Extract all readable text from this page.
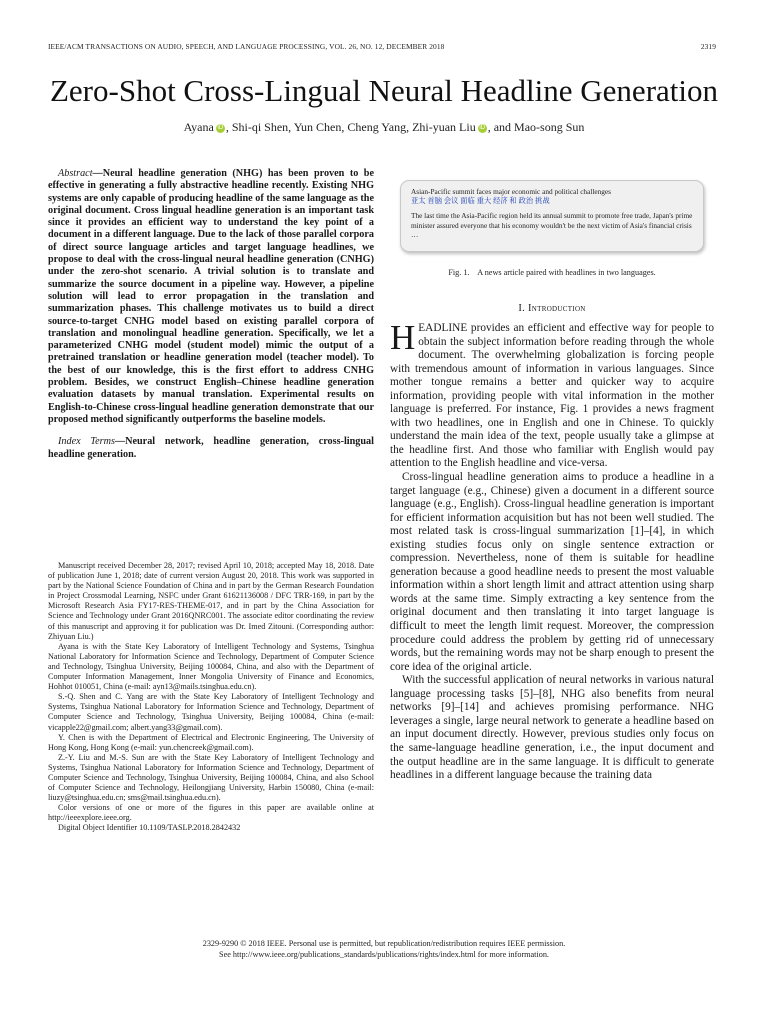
IEEE/ACM TRANSACTIONS ON AUDIO, SPEECH, AND LANGUAGE PROCESSING, VOL. 26, NO. 12, DECEMBER 2018	2319
Zero-Shot Cross-Lingual Neural Headline Generation
Ayana iD , Shi-qi Shen, Yun Chen, Cheng Yang, Zhi-yuan Liu iD , and Mao-song Sun

Abstract—Neural headline generation (NHG) has been proven to be effective in generating a fully abstractive headline recently. Existing NHG systems are only capable of producing headline of the same language as the original document. Cross lingual headline generation is an important task since it provides an efficient way to understand the key point of a document in a different language. Due to the lack of those parallel corpora of direct source language articles and target language headlines, we propose to deal with the cross-lingual neural headline generation (CNHG) under the zero-shot scenario. A trivial solution is to translate and summarize the source document in a pipeline way. However, a pipeline solution will lead to error propagation in the translation and summarization phases. This challenge motivates us to build a direct source-to-target CNHG model based on existing parallel corpora of translation and monolingual headline generation. Specifically, we let a parameterized CNHG model (student model) mimic the output of a pretrained translation or headline generation model (teacher model). To the best of our knowledge, this is the first effort to address CNHG problem. Besides, we construct English–Chinese headline generation evaluation datasets by manual translation. Experimental results on English-to-Chinese cross-lingual headline generation demonstrate that our proposed method significantly outperforms the baseline models.

Index Terms—Neural network, headline generation, cross-lingual headline generation.

Manuscript received December 28, 2017; revised April 10, 2018; accepted May 18, 2018. Date of publication June 1, 2018; date of current version August 20, 2018. This work was supported in part by the National Science Foundation of China and in part by the German Research Foundation in Project Crossmodal Learning, NSFC under Grant 61621136008 / DFC TRR-169, in part by the Microsoft Research Asia FY17-RES-THEME-017, and in part by the China Association for Science and Technology under Grant 2016QNRC001. The associate editor coordinating the review of this manuscript and approving it for publication was Dr. Imed Zitouni. (Corresponding author: Zhiyuan Liu.)

Ayana is with the State Key Laboratory of Intelligent Technology and Systems, Tsinghua National Laboratory for Information Science and Technology, Department of Computer Science and Technology, Tsinghua University, Beijing 100084, China, and also with the Department of Computer Information Management, Inner Mongolia University of Finance and Economics, Hohhot 010051, China (e-mail: ayn13@mails.tsinghua.edu.cn).

S.-Q. Shen and C. Yang are with the State Key Laboratory of Intelligent Technology and Systems, Tsinghua National Laboratory for Information Science and Technology, Department of Computer Science and Technology, Tsinghua University, Beijing 100084, China (e-mail: vicapple22@gmail.com; albert.yang33@gmail.com).

Y. Chen is with the Department of Electrical and Electronic Engineering, The University of Hong Kong, Hong Kong (e-mail: yun.chencreek@gmail.com).

Z.-Y. Liu and M.-S. Sun are with the State Key Laboratory of Intelligent Technology and Systems, Tsinghua National Laboratory for Information Science and Technology, Department of Computer Science and Technology, Tsinghua University, Beijing 100084, China, and also School of Computer Science and Technology, Heilongjiang University, Harbin 150080, China (e-mail: liuzy@tsinghua.edu.cn; sms@mail.tsinghua.edu.cn).

Color versions of one or more of the figures in this paper are available online at http://ieeexplore.ieee.org.

Digital Object Identifier 10.1109/TASLP.2018.2842432

Asian-Pacific summit faces major economic and political challenges
亚太 首脑 会议 面临 重大 经济 和 政治 挑战
The last time the Asia-Pacific region held its annual summit to promote free trade, Japan's prime minister assured everyone that his economy wouldn't be the next victim of Asia's financial crisis …
Fig. 1.    A news article paired with headlines in two languages.
I. Introduction

HEADLINE provides an efficient and effective way for people to obtain the subject information before reading through the whole document. The overwhelming globalization is forcing people with tremendous amount of information in various languages. Since mother tongue remains a better and quicker way to acquire information, providing people with vital information in the mother language is preferred. For instance, Fig. 1 provides a news fragment with two headlines, one in English and one in Chinese. To quickly understand the main idea of the text, people usually take a glimpse at the headline first. And those who familiar with English would pay attention to the English headline and vice-versa.

Cross-lingual headline generation aims to produce a headline in a target language (e.g., Chinese) given a document in a different source language (e.g., English). Cross-lingual headline generation is important for efficient information acquisition but has not been well studied. The most related task is cross-lingual summarization [1]–[4], in which existing studies focus only on single sentence extraction or compression. Nevertheless, none of them is suitable for headline generation because a good headline needs to present the most valuable information within a short length limit and attract attention using sharp words at the same time. Simply extracting a key sentence from the original document and then translating it into target language is difficult to meet the length limit request. Moreover, the compression procedure could address the problem by getting rid of unnecessary words, but the remaining words may not be sharp enough to present the core idea of the original article.

With the successful application of neural networks in various natural language processing tasks [5]–[8], NHG also benefits from neural networks [9]–[14] and achieves promising performance. NHG leverages a single, large neural network to generate a headline based on an input document directly. However, previous studies only focus on the same-language headline generation, i.e., the input document and the output headline are in the same language. It is difficult to generate headlines in a different language because the training data

2329-9290 © 2018 IEEE. Personal use is permitted, but republication/redistribution requires IEEE permission.
See http://www.ieee.org/publications_standards/publications/rights/index.html for more information.
